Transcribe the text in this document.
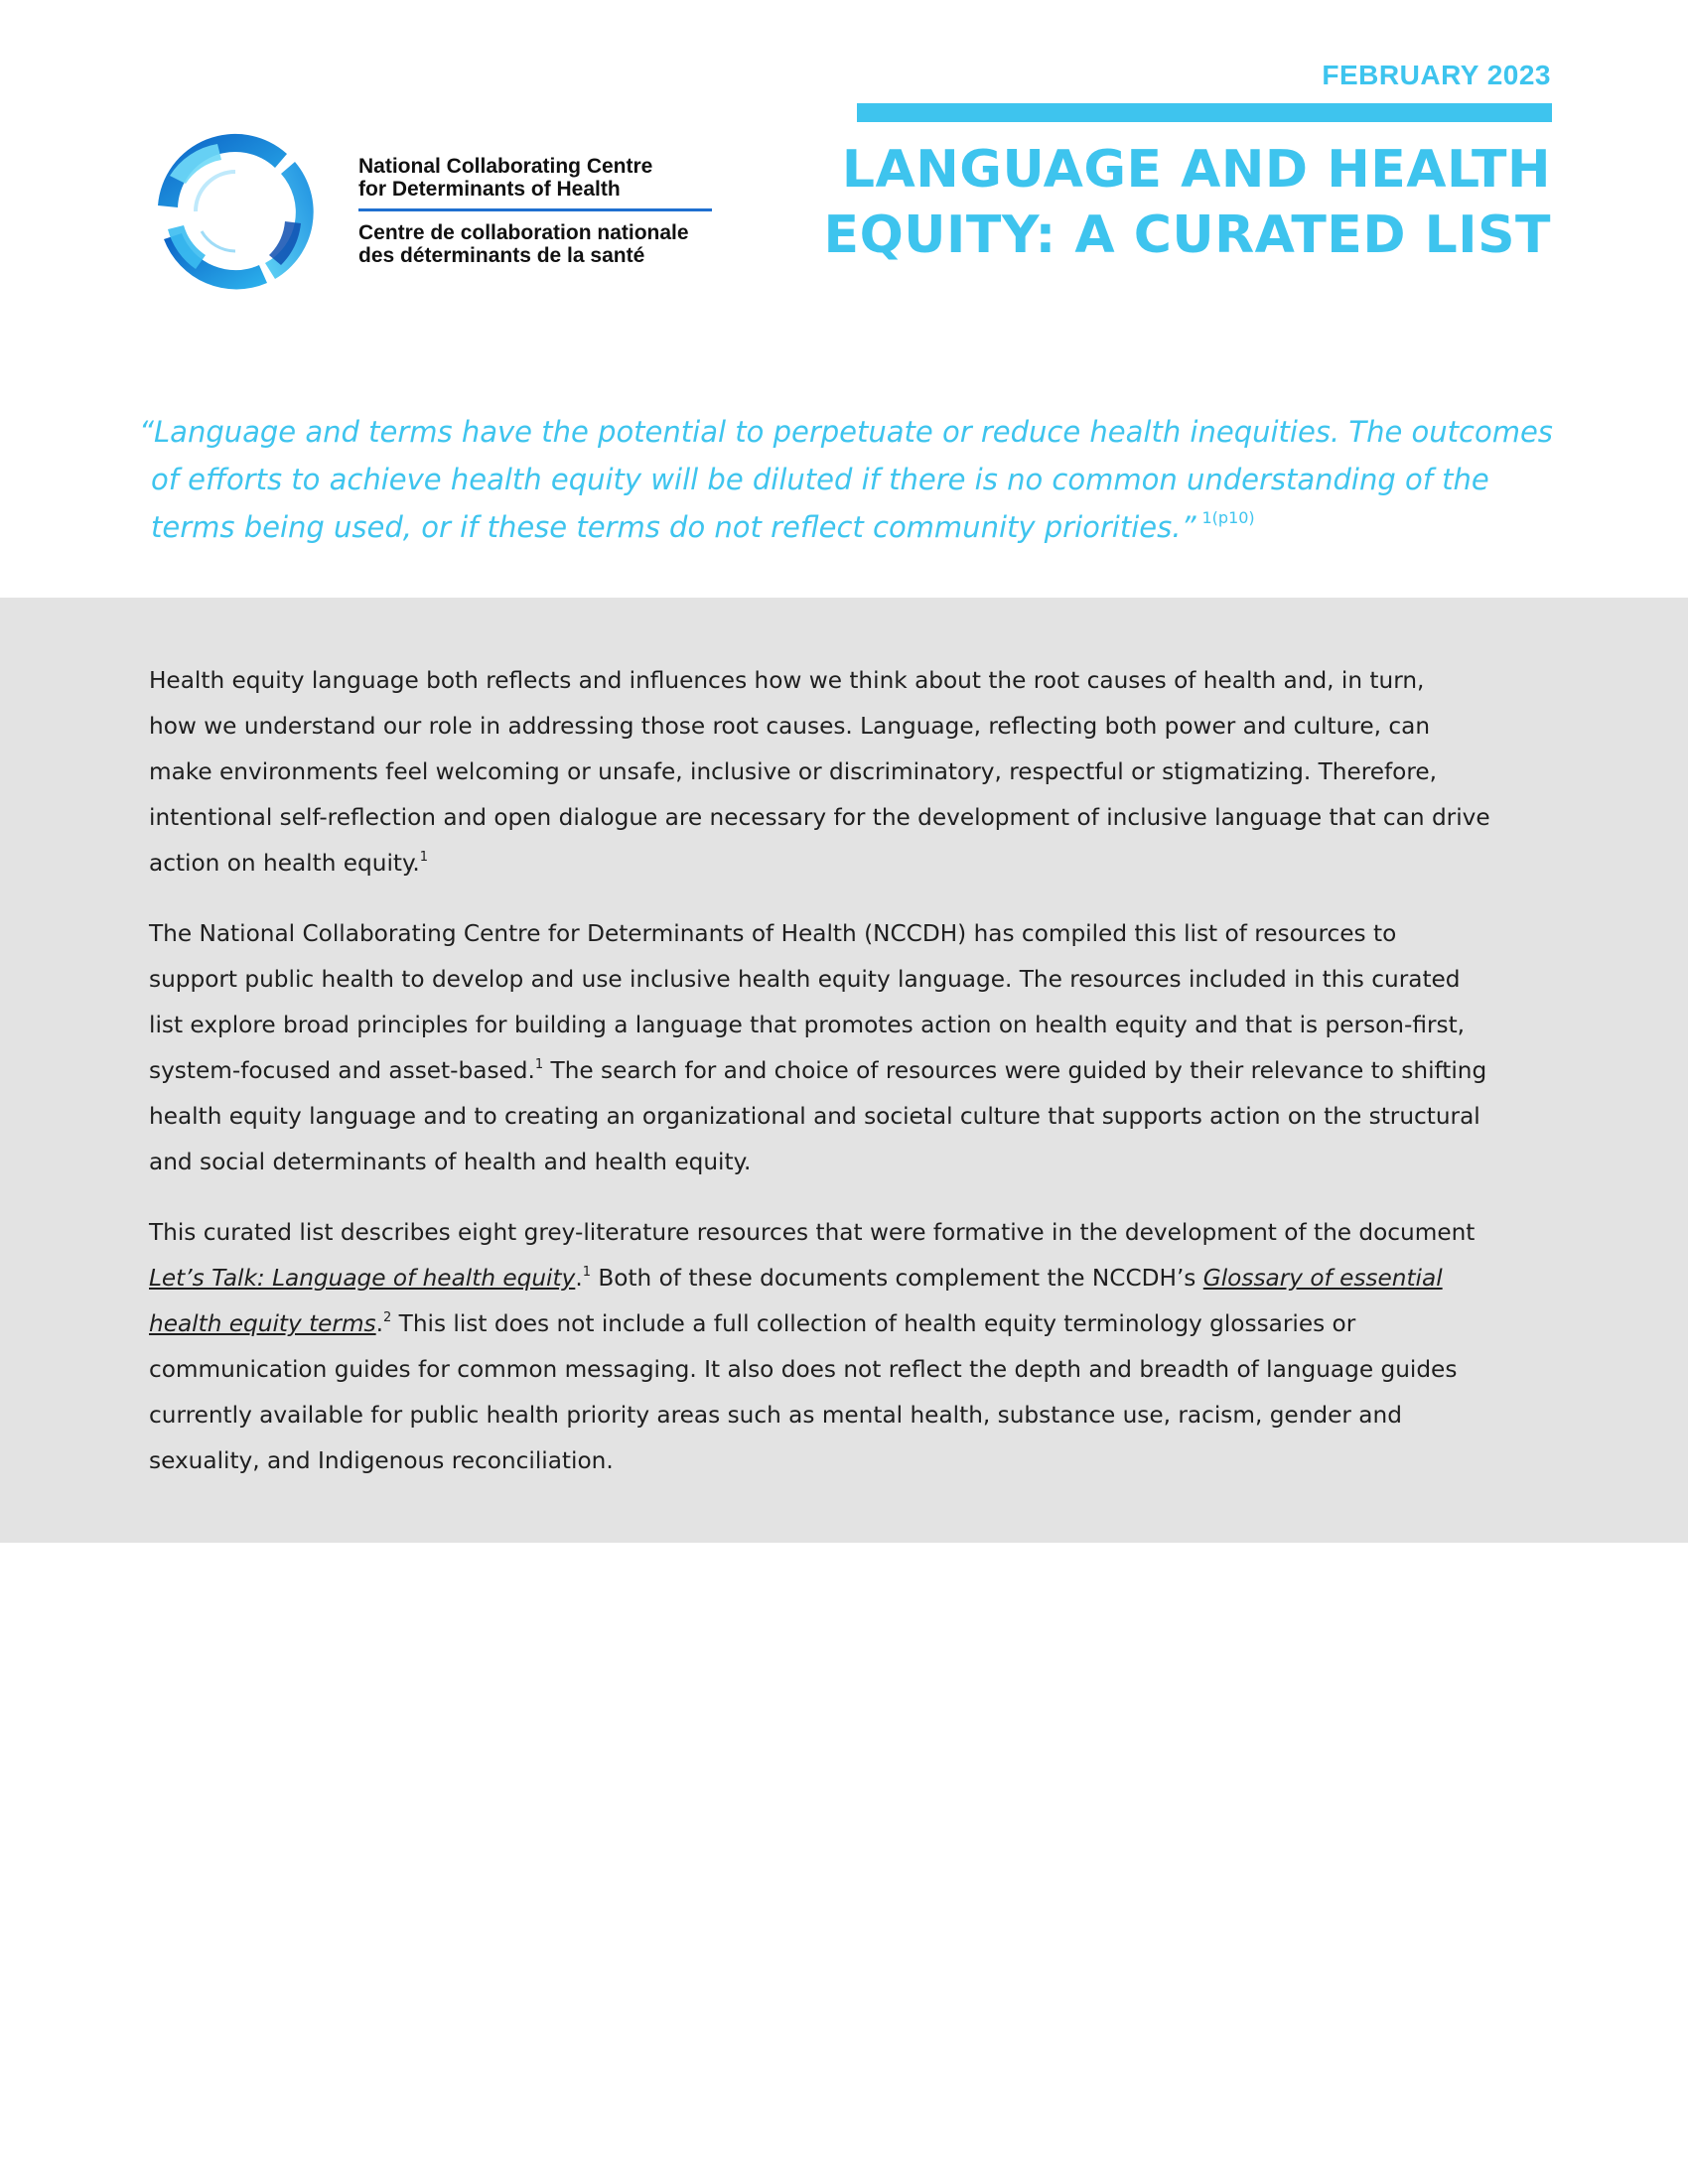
FEBRUARY 2023
LANGUAGE AND HEALTH
EQUITY: A CURATED LIST
National Collaborating Centre
for Determinants of Health
Centre de collaboration nationale
des déterminants de la santé
“Language and terms have the potential to perpetuate or reduce health inequities. The outcomes
of efforts to achieve health equity will be diluted if there is no common understanding of the
terms being used, or if these terms do not reflect community priorities.” $^{1(p10)}$

Health equity language both reflects and influences how we think about the root causes of health and, in turn,
how we understand our role in addressing those root causes. Language, reflecting both power and culture, can
make environments feel welcoming or unsafe, inclusive or discriminatory, respectful or stigmatizing. Therefore,
intentional self-reflection and open dialogue are necessary for the development of inclusive language that can drive
action on health equity.$^1$

The National Collaborating Centre for Determinants of Health (NCCDH) has compiled this list of resources to
support public health to develop and use inclusive health equity language. The resources included in this curated
list explore broad principles for building a language that promotes action on health equity and that is person-first,
system-focused and asset-based.$^1$ The search for and choice of resources were guided by their relevance to shifting
health equity language and to creating an organizational and societal culture that supports action on the structural
and social determinants of health and health equity.

This curated list describes eight grey-literature resources that were formative in the development of the document
Let’s Talk: Language of health equity.$^1$ Both of these documents complement the NCCDH’s Glossary of essential
health equity terms.$^2$ This list does not include a full collection of health equity terminology glossaries or
communication guides for common messaging. It also does not reflect the depth and breadth of language guides
currently available for public health priority areas such as mental health, substance use, racism, gender and
sexuality, and Indigenous reconciliation.
